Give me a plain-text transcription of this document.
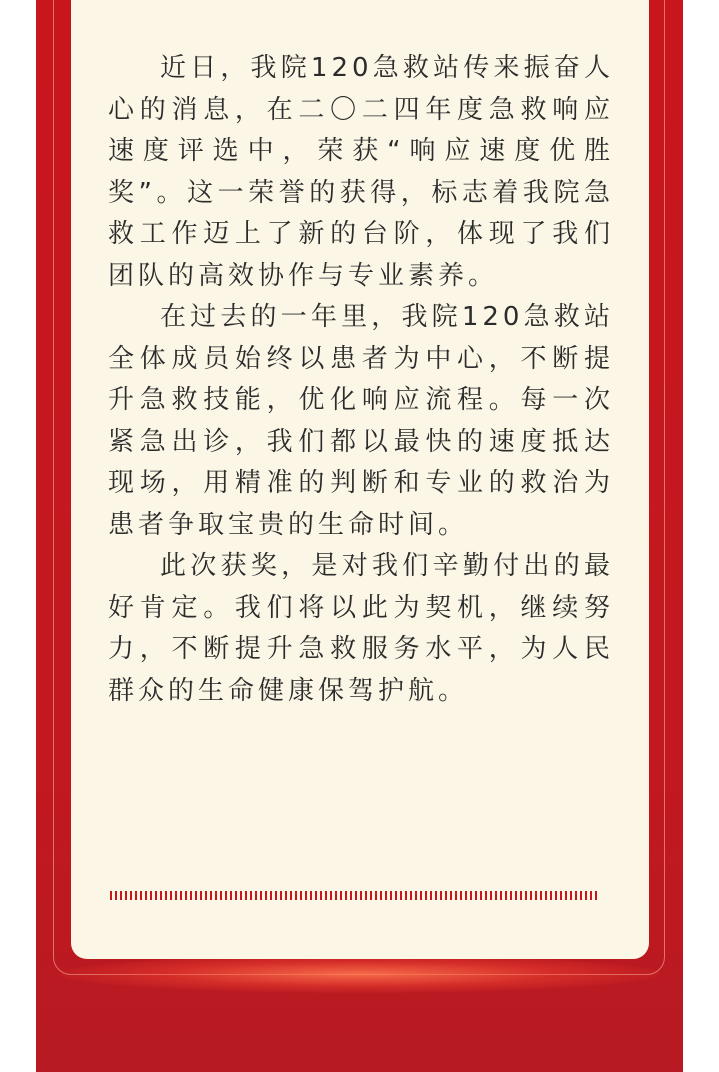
近日，我院120急救站传来振奋人心的消息，在二〇二四年度急救响应速度评选中，荣获“响应速度优胜奖”。这一荣誉的获得，标志着我院急救工作迈上了新的台阶，体现了我们团队的高效协作与专业素养。

在过去的一年里，我院120急救站全体成员始终以患者为中心，不断提升急救技能，优化响应流程。每一次紧急出诊，我们都以最快的速度抵达现场，用精准的判断和专业的救治为患者争取宝贵的生命时间。

此次获奖，是对我们辛勤付出的最好肯定。我们将以此为契机，继续努力，不断提升急救服务水平，为人民群众的生命健康保驾护航。
